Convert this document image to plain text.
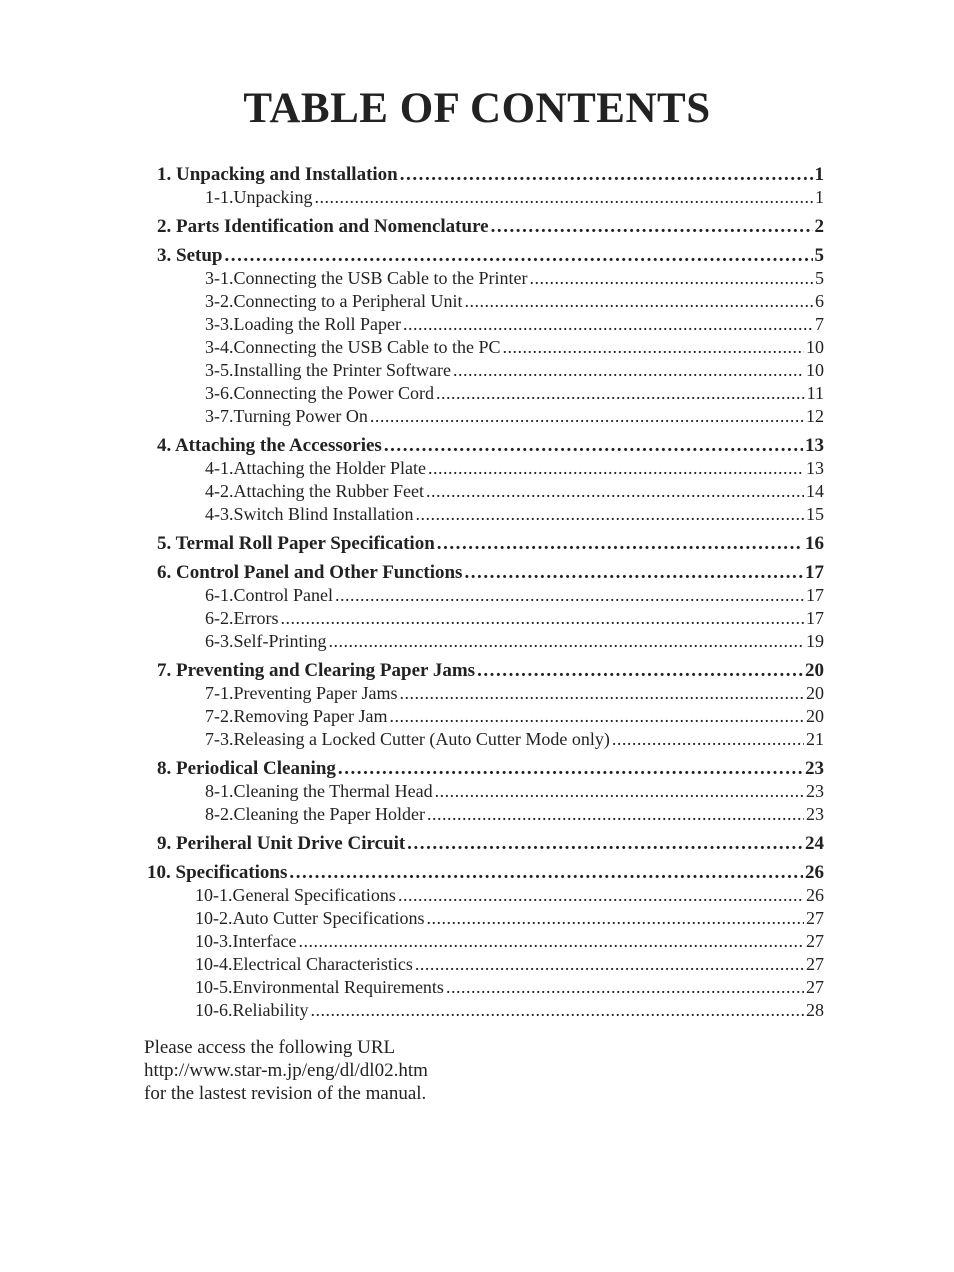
TABLE OF CONTENTS
1. Unpacking and Installation . . .	1
1-1.Unpacking . . .	1
2. Parts Identification and Nomenclature . . .	2
3. Setup . . .	5
3-1.Connecting the USB Cable to the Printer . . .	5
3-2.Connecting to a Peripheral Unit . . .	6
3-3.Loading the Roll Paper . . .	7
3-4.Connecting the USB Cable to the PC . . .	10
3-5.Installing the Printer Software . . .	10
3-6.Connecting the Power Cord . . .	11
3-7.Turning Power On . . .	12
4. Attaching the Accessories . . .	13
4-1.Attaching the Holder Plate . . .	13
4-2.Attaching the Rubber Feet . . .	14
4-3.Switch Blind Installation . . .	15
5. Termal Roll Paper Specification . . .	16
6. Control Panel and Other Functions . . .	17
6-1.Control Panel . . .	17
6-2.Errors . . .	17
6-3.Self-Printing . . .	19
7. Preventing and Clearing Paper Jams . . .	20
7-1.Preventing Paper Jams . . .	20
7-2.Removing Paper Jam . . .	20
7-3.Releasing a Locked Cutter (Auto Cutter Mode only) . . .	21
8. Periodical Cleaning . . .	23
8-1.Cleaning the Thermal Head . . .	23
8-2.Cleaning the Paper Holder . . .	23
9. Periheral Unit Drive Circuit . . .	24
10. Specifications . . .	26
10-1.General Specifications . . .	26
10-2.Auto Cutter Specifications . . .	27
10-3.Interface . . .	27
10-4.Electrical Characteristics . . .	27
10-5.Environmental Requirements . . .	27
10-6.Reliability . . .	28
Please access the following URL
http://www.star-m.jp/eng/dl/dl02.htm
for the lastest revision of the manual.
